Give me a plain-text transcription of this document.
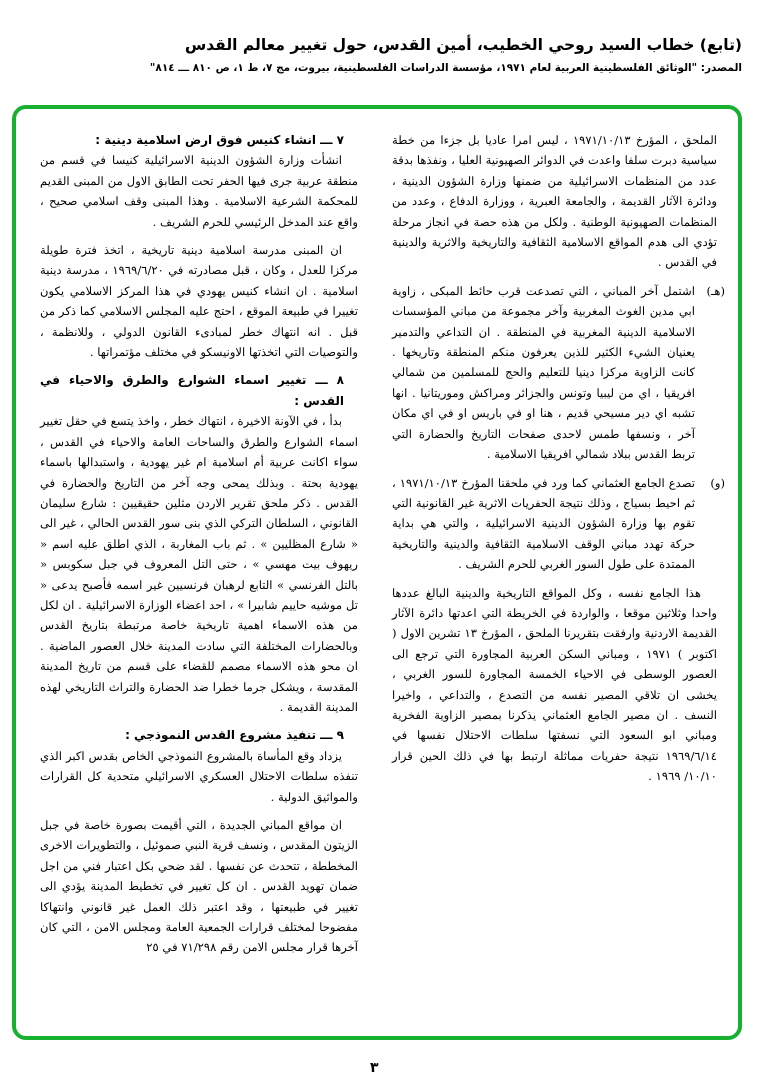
(تابع) خطاب السيد روحي الخطيب، أمين القدس، حول تغيير معالم القدس
المصدر: "الوثائق الفلسطينية العربية لعام ١٩٧١، مؤسسة الدراسات الفلسطينية، بيروت، مج ٧، ط ١، ص ٨١٠ ـــ ٨١٤"

الملحق ، المؤرخ ١٩٧١/١٠/١٣ ، ليس امرا عاديا بل جزءا من خطة سياسية دبرت سلفا واعدت في الدوائر الصهيونية العليا ، ونفذها بدقة عدد من المنظمات الاسرائيلية من ضمنها وزارة الشؤون الدينية ، ودائرة الآثار القديمة ، والجامعة العبرية ، ووزارة الدفاع ، وعدد من المنظمات الصهيونية الوطنية . ولكل من هذه حصة في انجاز مرحلة تؤدي الى هدم المواقع الاسلامية الثقافية والتاريخية والاثرية والدينية في القدس .

(هـ)
اشتمل آخر المباني ، التي تصدعت قرب حائط المبكى ، زاوية ابي مدين الغوث المغربية وآخر مجموعة من مباني المؤسسات الاسلامية الدينية المغربية في المنطقة . ان التداعي والتدمير يعنيان الشيء الكثير للذين يعرفون منكم المنطقة وتاريخها . كانت الزاوية مركزا دينيا للتعليم والحج للمسلمين من شمالي افريقيا ، اي من ليبيا وتونس والجزائر ومراكش وموريتانيا . انها تشبه اي دير مسيحي قديم ، هنا او في باريس او في اي مكان آخر ، ونسفها طمس لاحدى صفحات التاريخ والحضارة التي تربط القدس ببلاد شمالي افريقيا الاسلامية .
(و)
تصدع الجامع العثماني كما ورد في ملحقنا المؤرخ ١٩٧١/١٠/١٣ ، ثم احيط بسياج ، وذلك نتيجة الحفريات الاثرية غير القانونية التي تقوم بها وزارة الشؤون الدينية الاسرائيلية ، والتي هي بداية حركة تهدد مباني الوقف الاسلامية الثقافية والدينية والتاريخية الممتدة على طول السور الغربي للحرم الشريف .

هذا الجامع نفسه ، وكل المواقع التاريخية والدينية البالغ عددها واحدا وثلاثين موقعا ، والواردة في الخريطة التي اعدتها دائرة الآثار القديمة الاردنية وارفقت بتقريرنا الملحق ، المؤرخ ١٣ تشرين الاول ( اكتوبر ) ١٩٧١ ، ومباني السكن العربية المجاورة التي ترجع الى العصور الوسطى في الاحياء الخمسة المجاورة للسور الغربي ، يخشى ان تلاقي المصير نفسه من التصدع ، والتداعي ، واخيرا النسف . ان مصير الجامع العثماني يذكرنا بمصير الزاوية الفخرية ومباني ابو السعود التي نسفتها سلطات الاحتلال نفسها في ١٩٦٩/٦/١٤ نتيجة حفريات مماثلة ارتبط بها في ذلك الحين قرار ١٠/١٠/ ١٩٦٩ .

٧ ـــ انشاء كنيس فوق ارض اسلامية دينية :

انشأت وزارة الشؤون الدينية الاسرائيلية كنيسا في قسم من منطقة عربية جرى فيها الحفر تحت الطابق الاول من المبنى القديم للمحكمة الشرعية الاسلامية . وهذا المبنى وقف اسلامي صحيح ، واقع عند المدخل الرئيسي للحرم الشريف .

ان المبنى مدرسة اسلامية دينية تاريخية ، اتخذ فترة طويلة مركزا للعدل ، وكان ، قبل مصادرته في ١٩٦٩/٦/٢٠ ، مدرسة دينية اسلامية . ان انشاء كنيس يهودي في هذا المركز الاسلامي يكون تغييرا في طبيعة الموقع ، احتج عليه المجلس الاسلامي كما ذكر من قبل . انه انتهاك خطر لمبادىء القانون الدولي ، وللانظمة ، والتوصيات التي اتخذتها الاونيسكو في مختلف مؤتمراتها .

٨ ـــ تغيير اسماء الشوارع والطرق والاحياء في القدس :

بدأ ، في الآونة الاخيرة ، انتهاك خطر ، واخذ يتسع في حقل تغيير اسماء الشوارع والطرق والساحات العامة والاحياء في القدس ، سواء اكانت عربية أم اسلامية ام غير يهودية ، واستبدالها باسماء يهودية بحتة . وبذلك يمحى وجه آخر من التاريخ والحضارة في القدس . ذكر ملحق تقرير الاردن مثلين حقيقيين : شارع سليمان القانوني ، السلطان التركي الذي بنى سور القدس الحالي ، غير الى « شارع المظليين » . ثم باب المغاربة ، الذي اطلق عليه اسم « ريهوف بيت مهسي » ، حتى التل المعروف في جبل سكوبس « بالتل الفرنسي » التابع لرهبان فرنسيين غير اسمه فأصبح يدعى « تل موشيه حاييم شابيرا » ، احد اعضاء الوزارة الاسرائيلية . ان لكل من هذه الاسماء اهمية تاريخية خاصة مرتبطة بتاريخ القدس وبالحضارات المختلفة التي سادت المدينة خلال العصور الماضية . ان محو هذه الاسماء مصمم للقضاء على قسم من تاريخ المدينة المقدسة ، ويشكل جرما خطرا ضد الحضارة والتراث التاريخي لهذه المدينة القديمة .

٩ ـــ تنفيذ مشروع القدس النموذجي :

يزداد وقع المأساة بالمشروع النموذجي الخاص بقدس اكبر الذي تنفذه سلطات الاحتلال العسكري الاسرائيلي متحدية كل القرارات والمواثيق الدولية .

ان مواقع المباني الجديدة ، التي أقيمت بصورة خاصة في جبل الزيتون المقدس ، ونسف قرية النبي صموئيل ، والتطويرات الاخرى المخططة ، تتحدث عن نفسها . لقد ضحي بكل اعتبار فني من اجل ضمان تهويد القدس . ان كل تغيير في تخطيط المدينة يؤدي الى تغيير في طبيعتها ، وقد اعتبر ذلك العمل غير قانوني وانتهاكا مفضوحا لمختلف قرارات الجمعية العامة ومجلس الامن ، التي كان آخرها قرار مجلس الامن رقم ٧١/٢٩٨ في ٢٥

٣
